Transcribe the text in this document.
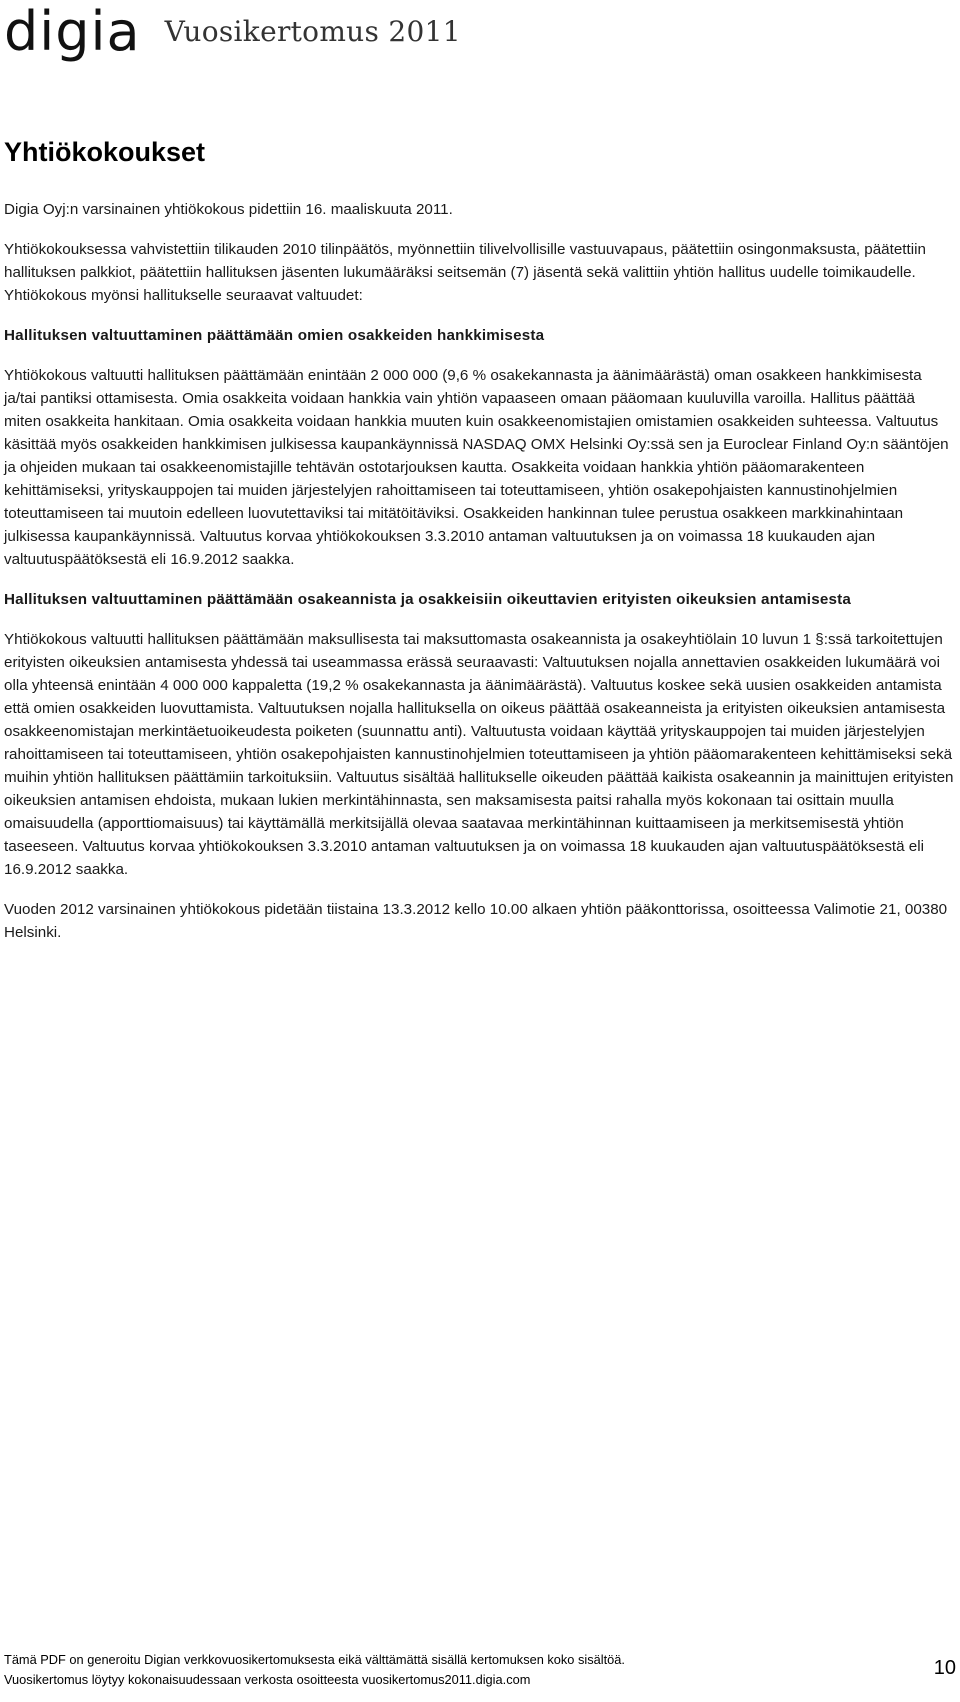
digia Vuosikertomus 2011
Yhtiökokoukset

Digia Oyj:n varsinainen yhtiökokous pidettiin 16. maaliskuuta 2011.

Yhtiökokouksessa vahvistettiin tilikauden 2010 tilinpäätös, myönnettiin tilivelvollisille vastuuvapaus, päätettiin osingonmaksusta, päätettiin hallituksen palkkiot, päätettiin hallituksen jäsenten lukumääräksi seitsemän (7) jäsentä sekä valittiin yhtiön hallitus uudelle toimikaudelle. Yhtiökokous myönsi hallitukselle seuraavat valtuudet:

Hallituksen valtuuttaminen päättämään omien osakkeiden hankkimisesta

Yhtiökokous valtuutti hallituksen päättämään enintään 2 000 000 (9,6 % osakekannasta ja äänimäärästä) oman osakkeen hankkimisesta ja/tai pantiksi ottamisesta. Omia osakkeita voidaan hankkia vain yhtiön vapaaseen omaan pääomaan kuuluvilla varoilla. Hallitus päättää miten osakkeita hankitaan. Omia osakkeita voidaan hankkia muuten kuin osakkeenomistajien omistamien osakkeiden suhteessa. Valtuutus käsittää myös osakkeiden hankkimisen julkisessa kaupankäynnissä NASDAQ OMX Helsinki Oy:ssä sen ja Euroclear Finland Oy:n sääntöjen ja ohjeiden mukaan tai osakkeenomistajille tehtävän ostotarjouksen kautta. Osakkeita voidaan hankkia yhtiön pääomarakenteen kehittämiseksi, yrityskauppojen tai muiden järjestelyjen rahoittamiseen tai toteuttamiseen, yhtiön osakepohjaisten kannustinohjelmien toteuttamiseen tai muutoin edelleen luovutettaviksi tai mitätöitäviksi. Osakkeiden hankinnan tulee perustua osakkeen markkinahintaan julkisessa kaupankäynnissä. Valtuutus korvaa yhtiökokouksen 3.3.2010 antaman valtuutuksen ja on voimassa 18 kuukauden ajan valtuutuspäätöksestä eli 16.9.2012 saakka.

Hallituksen valtuuttaminen päättämään osakeannista ja osakkeisiin oikeuttavien erityisten oikeuksien antamisesta

Yhtiökokous valtuutti hallituksen päättämään maksullisesta tai maksuttomasta osakeannista ja osakeyhtiölain 10 luvun 1 §:ssä tarkoitettujen erityisten oikeuksien antamisesta yhdessä tai useammassa erässä seuraavasti: Valtuutuksen nojalla annettavien osakkeiden lukumäärä voi olla yhteensä enintään 4 000 000 kappaletta (19,2 % osakekannasta ja äänimäärästä). Valtuutus koskee sekä uusien osakkeiden antamista että omien osakkeiden luovuttamista. Valtuutuksen nojalla hallituksella on oikeus päättää osakeanneista ja erityisten oikeuksien antamisesta osakkeenomistajan merkintäetuoikeudesta poiketen (suunnattu anti). Valtuutusta voidaan käyttää yrityskauppojen tai muiden järjestelyjen rahoittamiseen tai toteuttamiseen, yhtiön osakepohjaisten kannustinohjelmien toteuttamiseen ja yhtiön pääomarakenteen kehittämiseksi sekä muihin yhtiön hallituksen päättämiin tarkoituksiin. Valtuutus sisältää hallitukselle oikeuden päättää kaikista osakeannin ja mainittujen erityisten oikeuksien antamisen ehdoista, mukaan lukien merkintähinnasta, sen maksamisesta paitsi rahalla myös kokonaan tai osittain muulla omaisuudella (apporttiomaisuus) tai käyttämällä merkitsijällä olevaa saatavaa merkintähinnan kuittaamiseen ja merkitsemisestä yhtiön taseeseen. Valtuutus korvaa yhtiökokouksen 3.3.2010 antaman valtuutuksen ja on voimassa 18 kuukauden ajan valtuutuspäätöksestä eli 16.9.2012 saakka.

Vuoden 2012 varsinainen yhtiökokous pidetään tiistaina 13.3.2012 kello 10.00 alkaen yhtiön pääkonttorissa, osoitteessa Valimotie 21, 00380 Helsinki.

Tämä PDF on generoitu Digian verkkovuosikertomuksesta eikä välttämättä sisällä kertomuksen koko sisältöä.
Vuosikertomus löytyy kokonaisuudessaan verkosta osoitteesta vuosikertomus2011.digia.com
10
